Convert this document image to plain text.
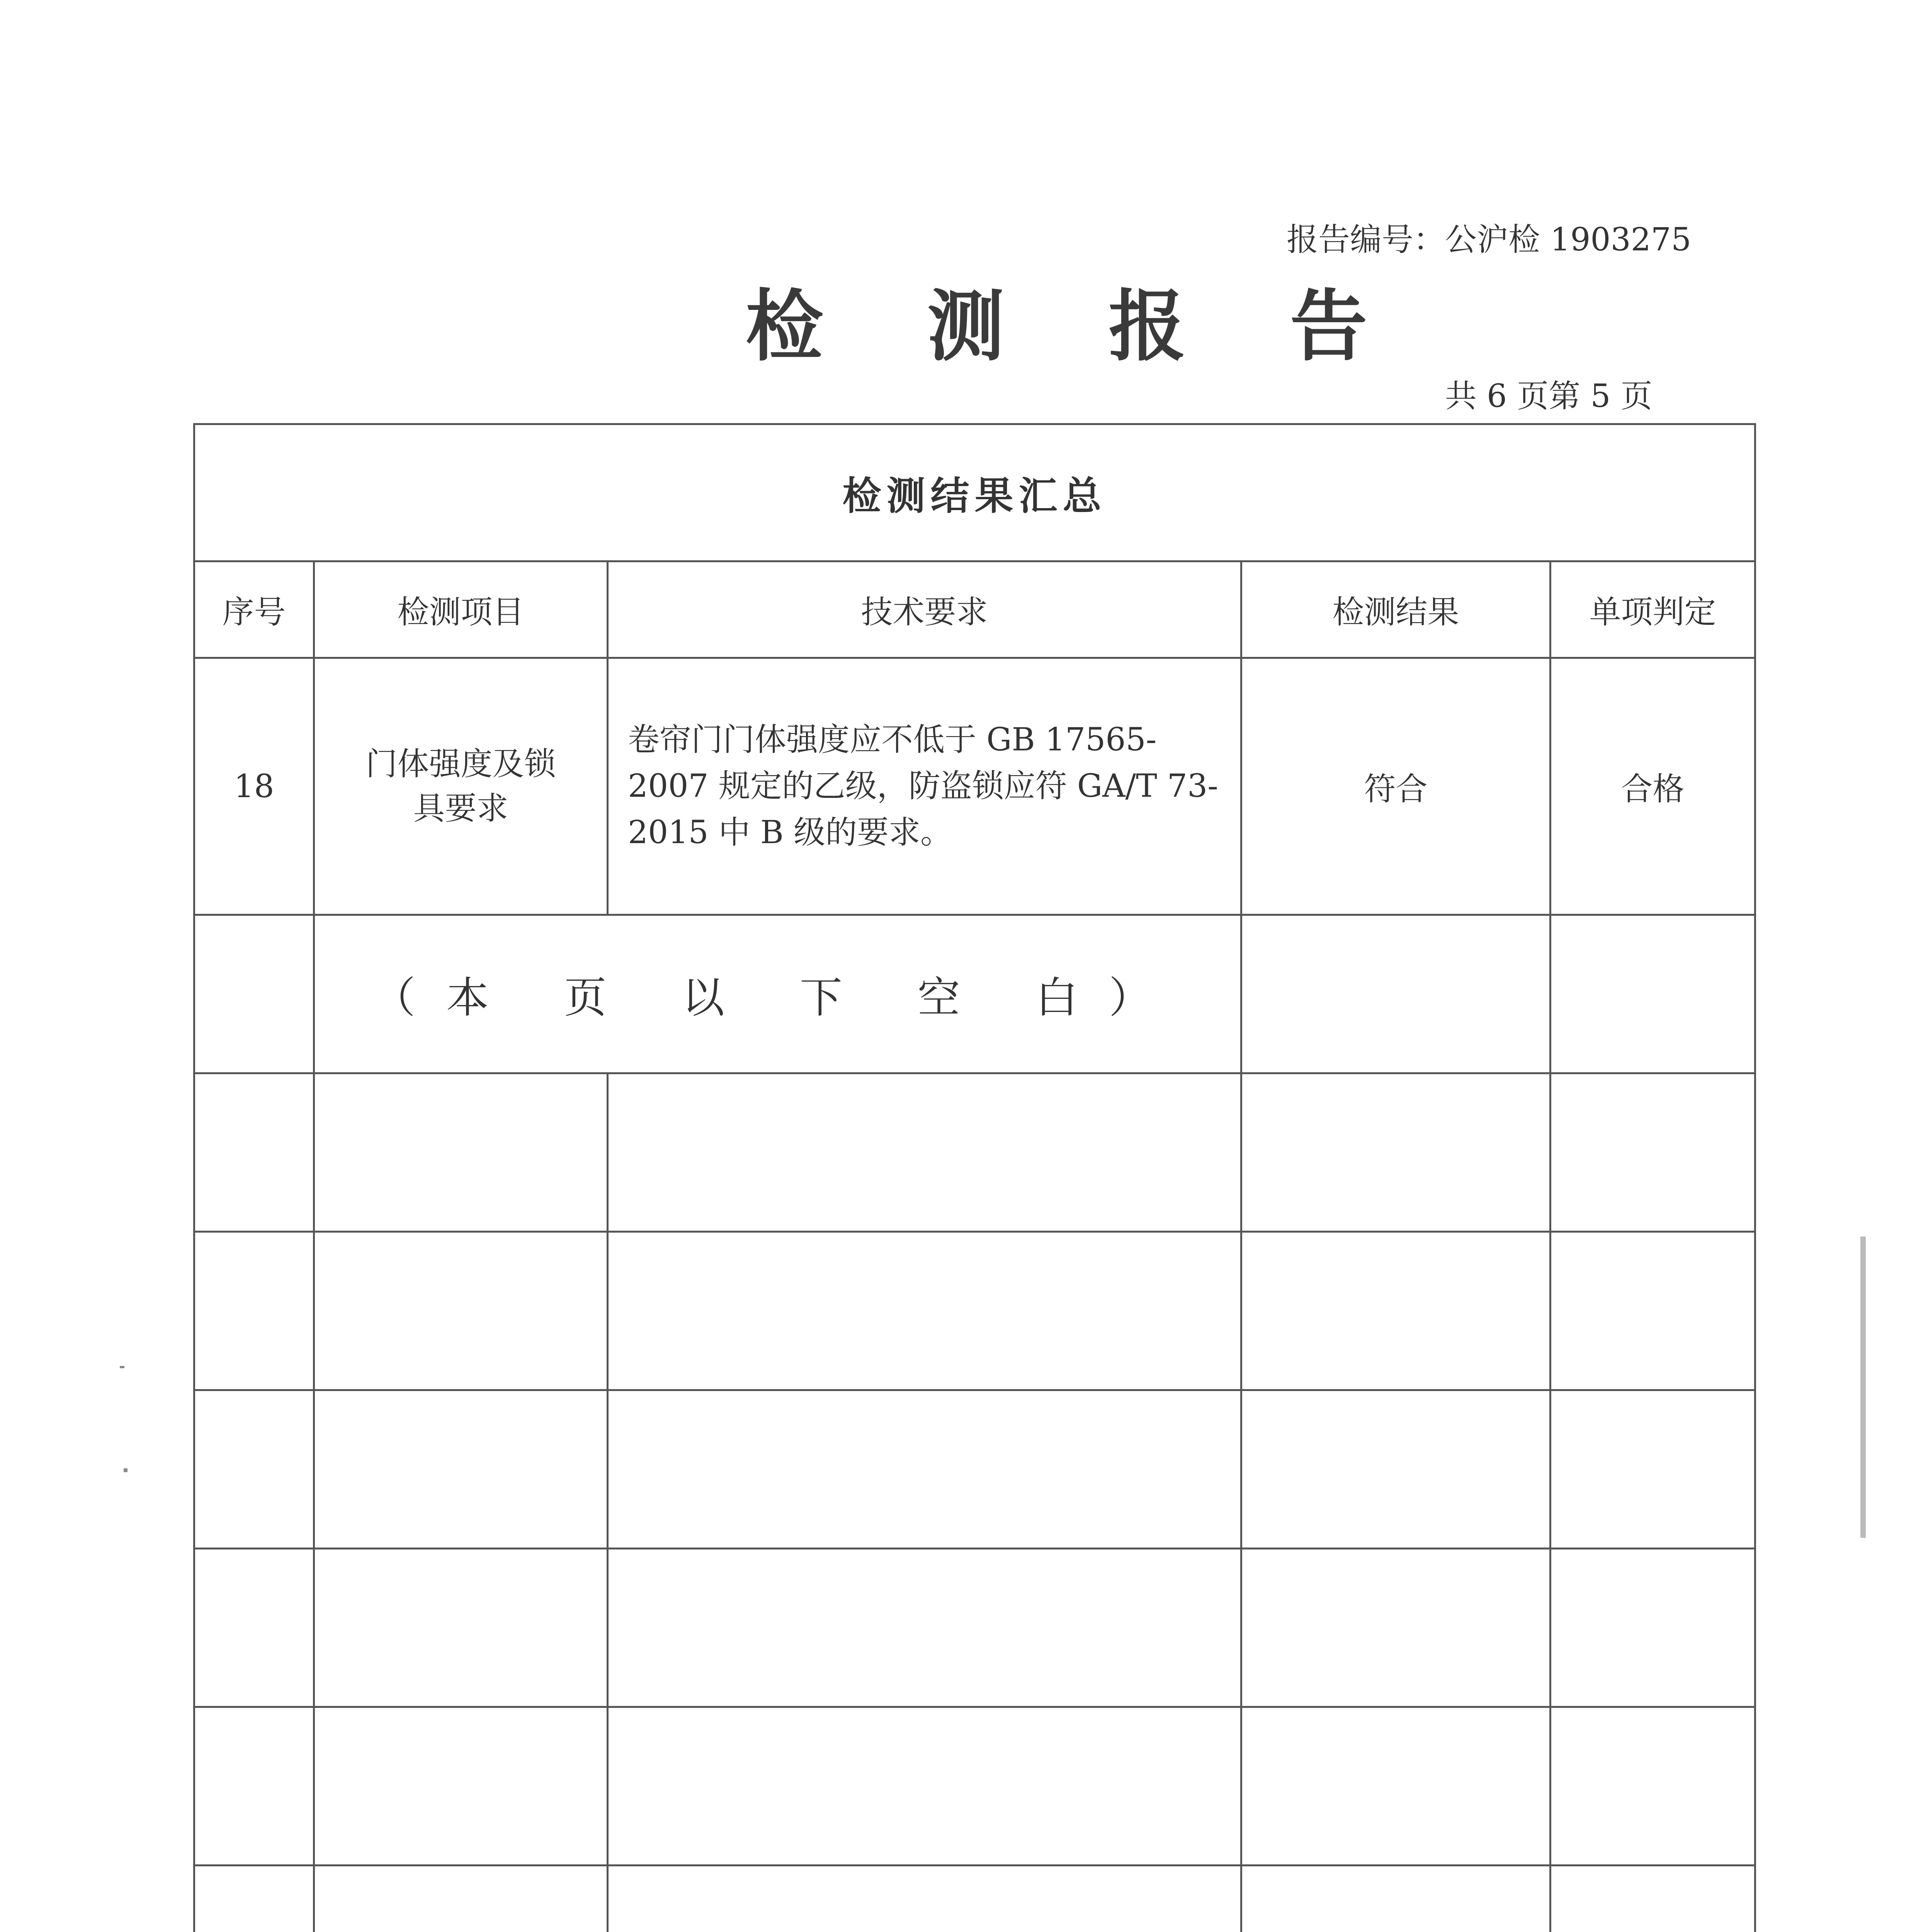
报告编号：公沪检 1903275
检 测 报 告
共 6 页第 5 页
检测结果汇总				
序号	检测项目	技术要求	检测结果	单项判定
18	门体强度及锁具要求	卷帘门门体强度应不低于 GB 17565-2007 规定的乙级，防盗锁应符 GA/T 73-2015 中 B 级的要求。	符合	合格
	（本 页 以 下 空 白）			
